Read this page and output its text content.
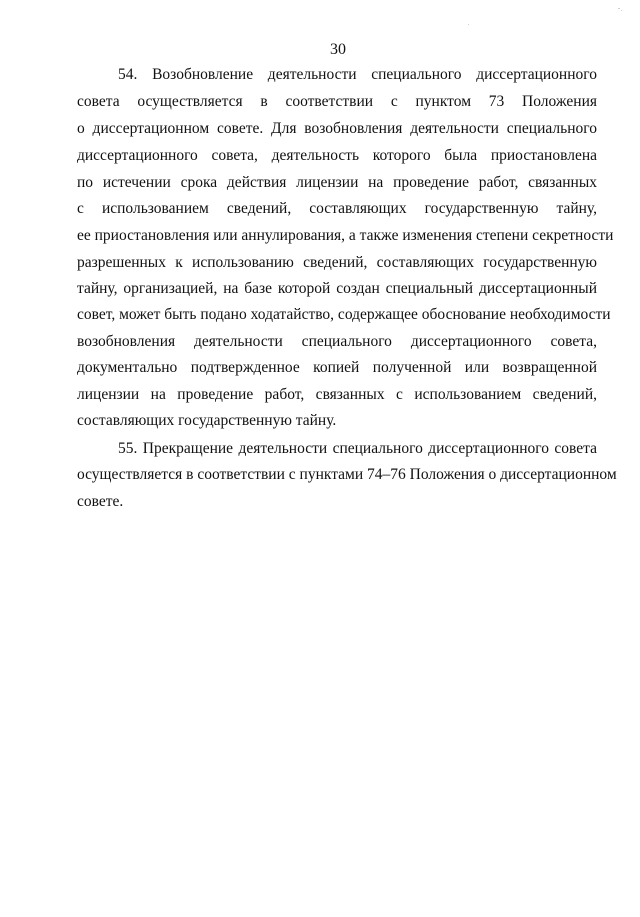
30
54. Возобновление деятельности специального диссертационного
совета осуществляется в соответствии с пунктом 73 Положения
о диссертационном совете. Для возобновления деятельности специального
диссертационного совета, деятельность которого была приостановлена
по истечении срока действия лицензии на проведение работ, связанных
с использованием сведений, составляющих государственную тайну,
ее приостановления или аннулирования, а также изменения степени секретности
разрешенных к использованию сведений, составляющих государственную
тайну, организацией, на базе которой создан специальный диссертационный
совет, может быть подано ходатайство, содержащее обоснование необходимости
возобновления деятельности специального диссертационного совета,
документально подтвержденное копией полученной или возвращенной
лицензии на проведение работ, связанных с использованием сведений,
составляющих государственную тайну.
55. Прекращение деятельности специального диссертационного совета
осуществляется в соответствии с пунктами 74–76 Положения о диссертационном
совете.
